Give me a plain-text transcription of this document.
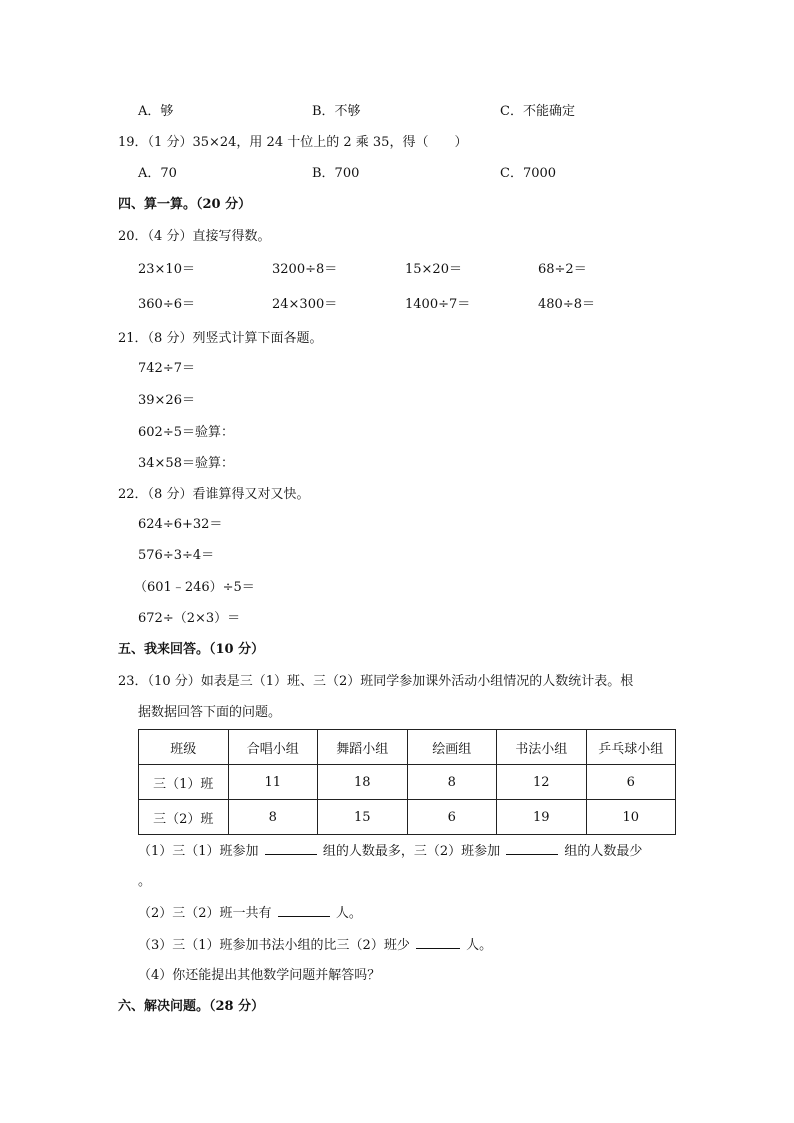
A．够	B．不够	C．不能确定
19．（1 分）35×24，用 24 十位上的 2 乘 35，得（　　）
A．70	B．700	C．7000
四、算一算。（20 分）
20．（4 分）直接写得数。
23×10＝	3200÷8＝	15×20＝	68÷2＝
360÷6＝	24×300＝	1400÷7＝	480÷8＝
21．（8 分）列竖式计算下面各题。
742÷7＝
39×26＝
602÷5＝验算：
34×58＝验算：
22．（8 分）看谁算得又对又快。
624÷6+32＝
576÷3÷4＝
（601﹣246）÷5＝
672÷（2×3）＝
五、我来回答。（10 分）
23．（10 分）如表是三（1）班、三（2）班同学参加课外活动小组情况的人数统计表。根
据数据回答下面的问题。
班级	合唱小组	舞蹈小组	绘画组	书法小组	乒乓球小组
三（1）班	11	18	8	12	6
三（2）班	8	15	6	19	10
（1）三（1）班参加	组的人数最多，三（2）班参加	组的人数最少
。
（2）三（2）班一共有	人。
（3）三（1）班参加书法小组的比三（2）班少	人。
（4）你还能提出其他数学问题并解答吗？
六、解决问题。（28 分）
